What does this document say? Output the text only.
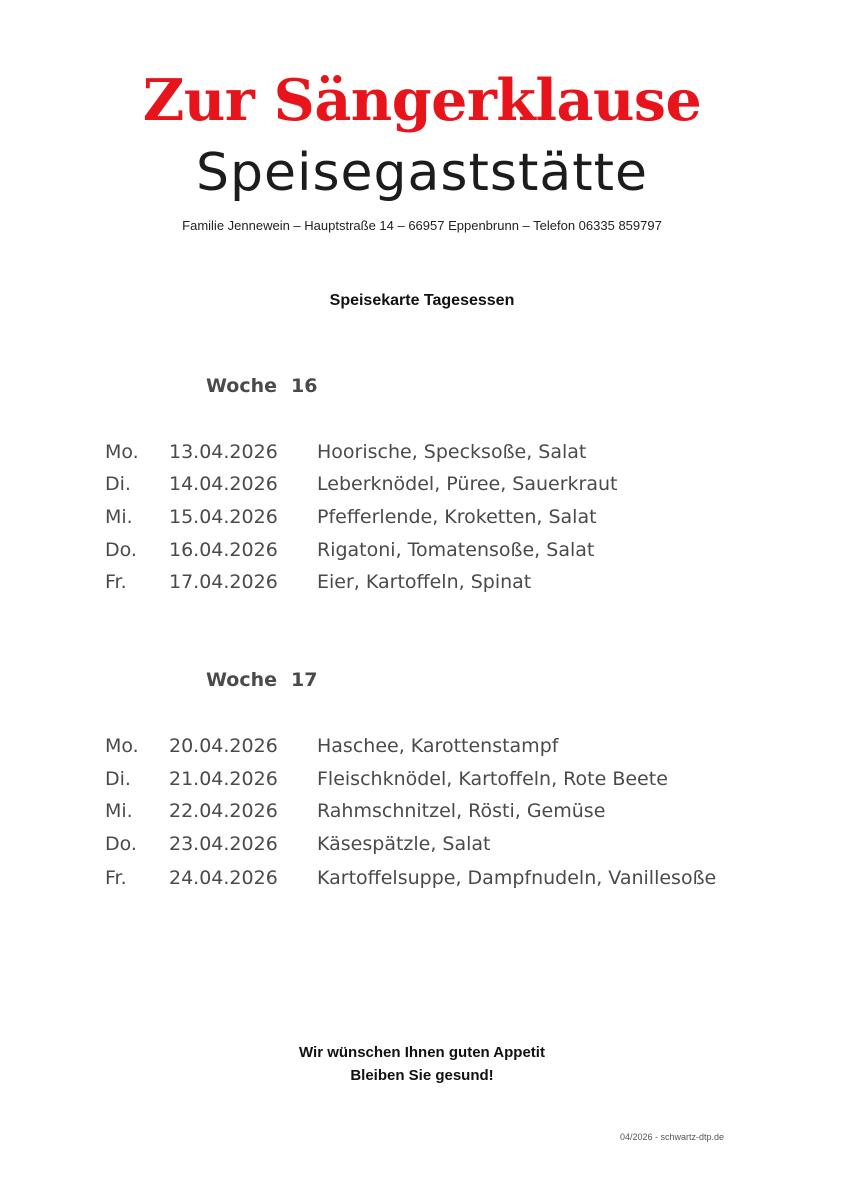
Zur Sängerklause
Speisegaststätte
Familie Jennewein – Hauptstraße 14 – 66957 Eppenbrunn – Telefon 06335 859797
Speisekarte Tagesessen
Woche 16
Mo. 13.04.2026 Hoorische, Specksoße, Salat
Di. 14.04.2026 Leberknödel, Püree, Sauerkraut
Mi. 15.04.2026 Pfefferlende, Kroketten, Salat
Do. 16.04.2026 Rigatoni, Tomatensoße, Salat
Fr. 17.04.2026 Eier, Kartoffeln, Spinat
Woche 17
Mo. 20.04.2026 Haschee, Karottenstampf
Di. 21.04.2026 Fleischknödel, Kartoffeln, Rote Beete
Mi. 22.04.2026 Rahmschnitzel, Rösti, Gemüse
Do. 23.04.2026 Käsespätzle, Salat
Fr. 24.04.2026 Kartoffelsuppe, Dampfnudeln, Vanillesoße
Wir wünschen Ihnen guten Appetit
Bleiben Sie gesund!
04/2026 - schwartz-dtp.de
